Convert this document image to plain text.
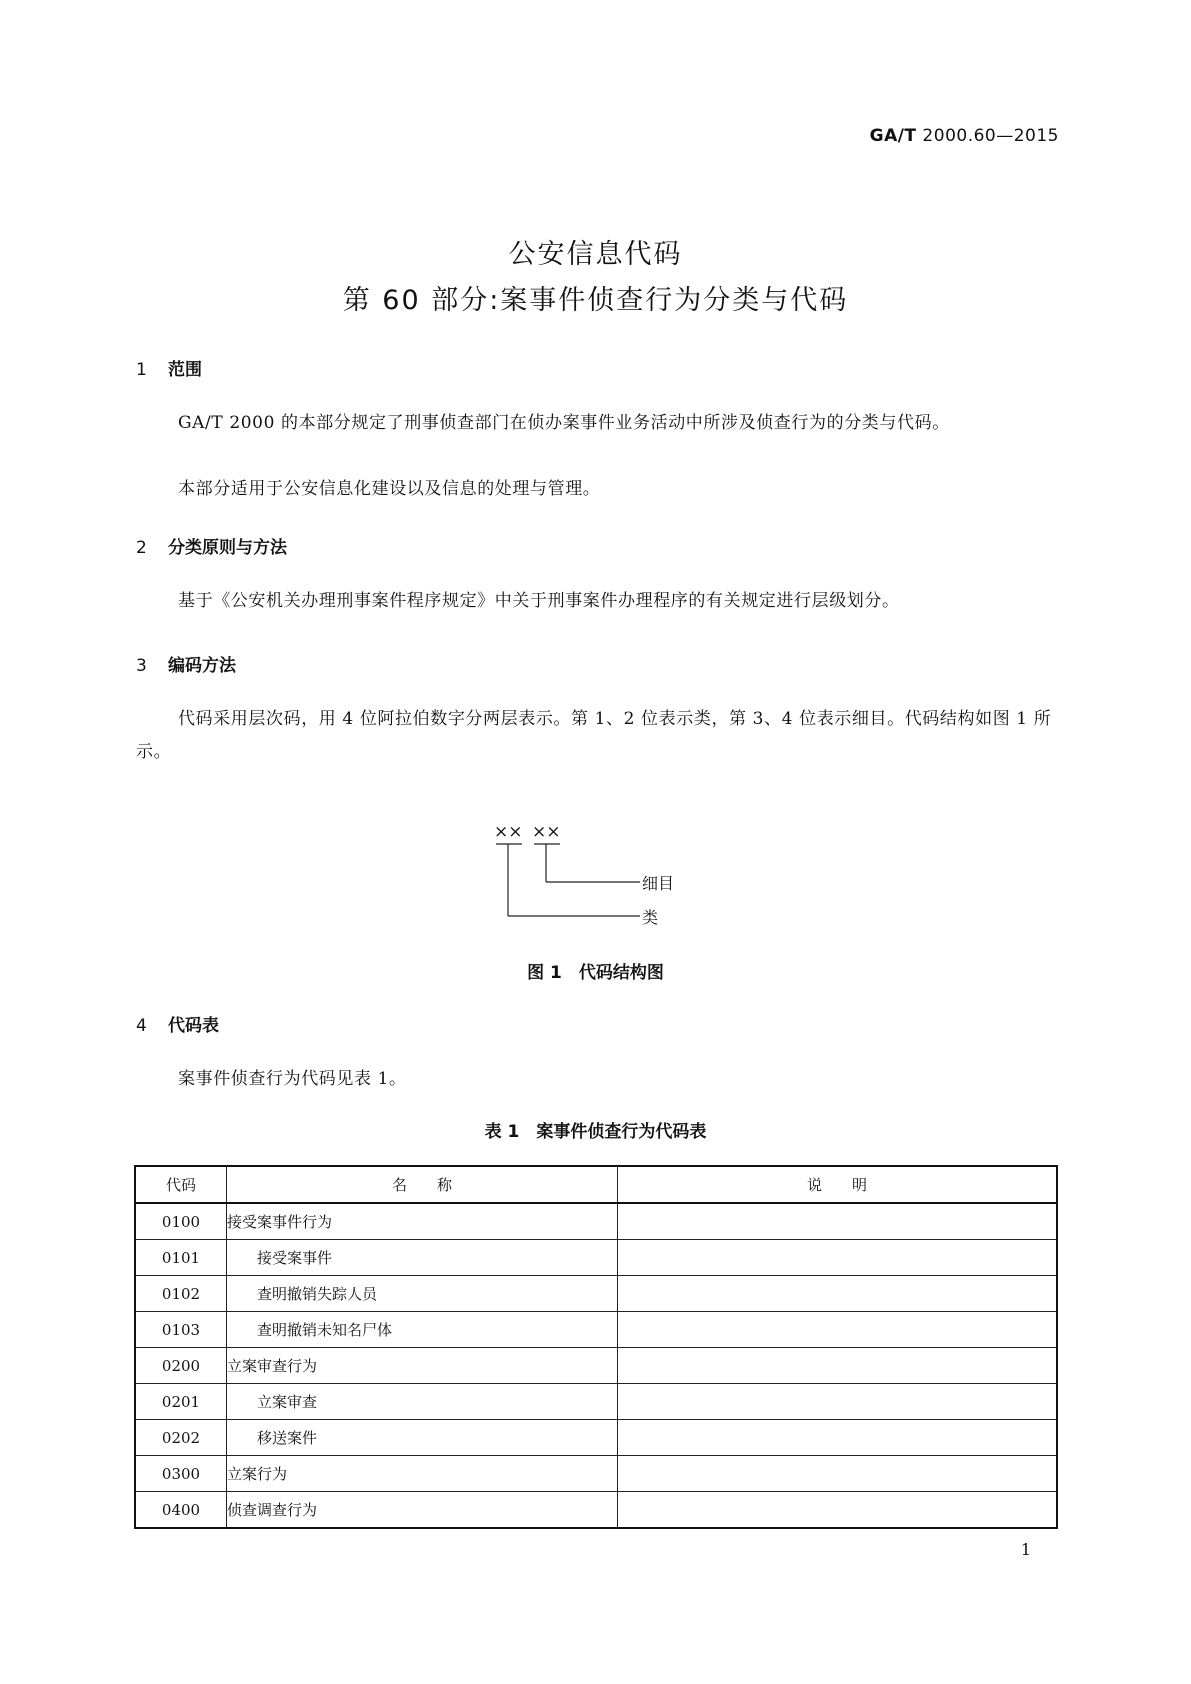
GA/T 2000.60—2015
公安信息代码
第 60 部分:案事件侦查行为分类与代码
1 范围
GA/T 2000 的本部分规定了刑事侦查部门在侦办案事件业务活动中所涉及侦查行为的分类与代码。
本部分适用于公安信息化建设以及信息的处理与管理。
2 分类原则与方法
基于《公安机关办理刑事案件程序规定》中关于刑事案件办理程序的有关规定进行层级划分。
3 编码方法
代码采用层次码，用 4 位阿拉伯数字分两层表示。第 1、2 位表示类，第 3、4 位表示细目。代码结构如图 1 所示。
×× ××
细目
类
图 1　代码结构图
4 代码表
案事件侦查行为代码见表 1。
表 1　案事件侦查行为代码表
代码	名　　称	说　　明
0100	接受案事件行为	
0101	接受案事件	
0102	查明撤销失踪人员	
0103	查明撤销未知名尸体	
0200	立案审查行为	
0201	立案审查	
0202	移送案件	
0300	立案行为	
0400	侦查调查行为	
1
